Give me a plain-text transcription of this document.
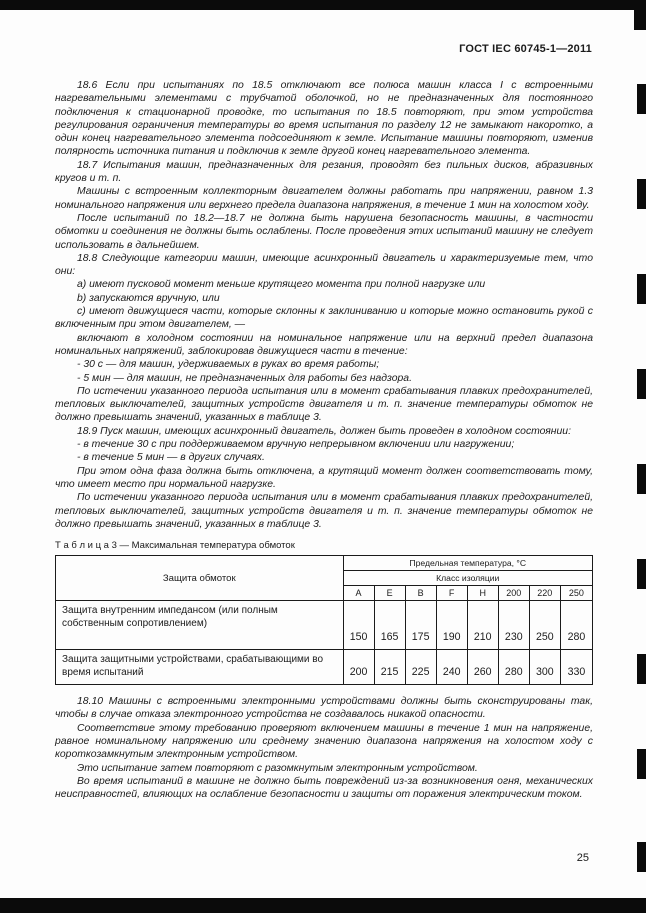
ГОСТ IEC 60745-1—2011

18.6 Если при испытаниях по 18.5 отключают все полюса машин класса I с встроенными нагревательными элементами с трубчатой оболочкой, но не предназначенных для постоянного подключения к стационарной проводке, то испытания по 18.5 повторяют, при этом устройства регулирования ограничения температуры во время испытания по разделу 12 не замыкают накоротко, а один конец нагревательного элемента подсоединяют к земле. Испытание машины повторяют, изменив полярность источника питания и подключив к земле другой конец нагревательного элемента.

18.7 Испытания машин, предназначенных для резания, проводят без пильных дисков, абразивных кругов и т. п.

Машины с встроенным коллекторным двигателем должны работать при напряжении, равном 1.3 номинального напряжения или верхнего предела диапазона напряжения, в течение 1 мин на холостом ходу.

После испытаний по 18.2—18.7 не должна быть нарушена безопасность машины, в частности обмотки и соединения не должны быть ослаблены. После проведения этих испытаний машину не следует использовать в дальнейшем.

18.8 Следующие категории машин, имеющие асинхронный двигатель и характеризуемые тем, что они:

a) имеют пусковой момент меньше крутящего момента при полной нагрузке или

b) запускаются вручную, или

c) имеют движущиеся части, которые склонны к заклиниванию и которые можно остановить рукой с включенным при этом двигателем, —

включают в холодном состоянии на номинальное напряжение или на верхний предел диапазона номинальных напряжений, заблокировав движущиеся части в течение:

- 30 с — для машин, удерживаемых в руках во время работы;

- 5 мин — для машин, не предназначенных для работы без надзора.

По истечении указанного периода испытания или в момент срабатывания плавких предохранителей, тепловых выключателей, защитных устройств двигателя и т. п. значение температуры обмоток не должно превышать значений, указанных в таблице 3.

18.9 Пуск машин, имеющих асинхронный двигатель, должен быть проведен в холодном состоянии:

- в течение 30 с при поддерживаемом вручную непрерывном включении или нагружении;

- в течение 5 мин — в других случаях.

При этом одна фаза должна быть отключена, а крутящий момент должен соответствовать тому, что имеет место при нормальной нагрузке.

По истечении указанного периода испытания или в момент срабатывания плавких предохранителей, тепловых выключателей, защитных устройств двигателя и т. п. значение температуры обмоток не должно превышать значений, указанных в таблице 3.

Т а б л и ц а 3 — Максимальная температура обмоток
Защита обмоток	Предельная температура, °С							
	Класс изоляции							
	A	E	B	F	H	200	220	250
Защита внутренним импедансом (или полным собственным сопротивлением)	150	165	175	190	210	230	250	280
Защита защитными устройствами, срабатывающими во время испытаний	200	215	225	240	260	280	300	330

18.10 Машины с встроенными электронными устройствами должны быть сконструированы так, чтобы в случае отказа электронного устройства не создавалось никакой опасности.

Соответствие этому требованию проверяют включением машины в течение 1 мин на напряжение, равное номинальному напряжению или среднему значению диапазона напряжения на холостом ходу с короткозамкнутым электронным устройством.

Это испытание затем повторяют с разомкнутым электронным устройством.

Во время испытаний в машине не должно быть повреждений из-за возникновения огня, механических неисправностей, влияющих на ослабление безопасности и защиты от поражения электрическим током.

25
